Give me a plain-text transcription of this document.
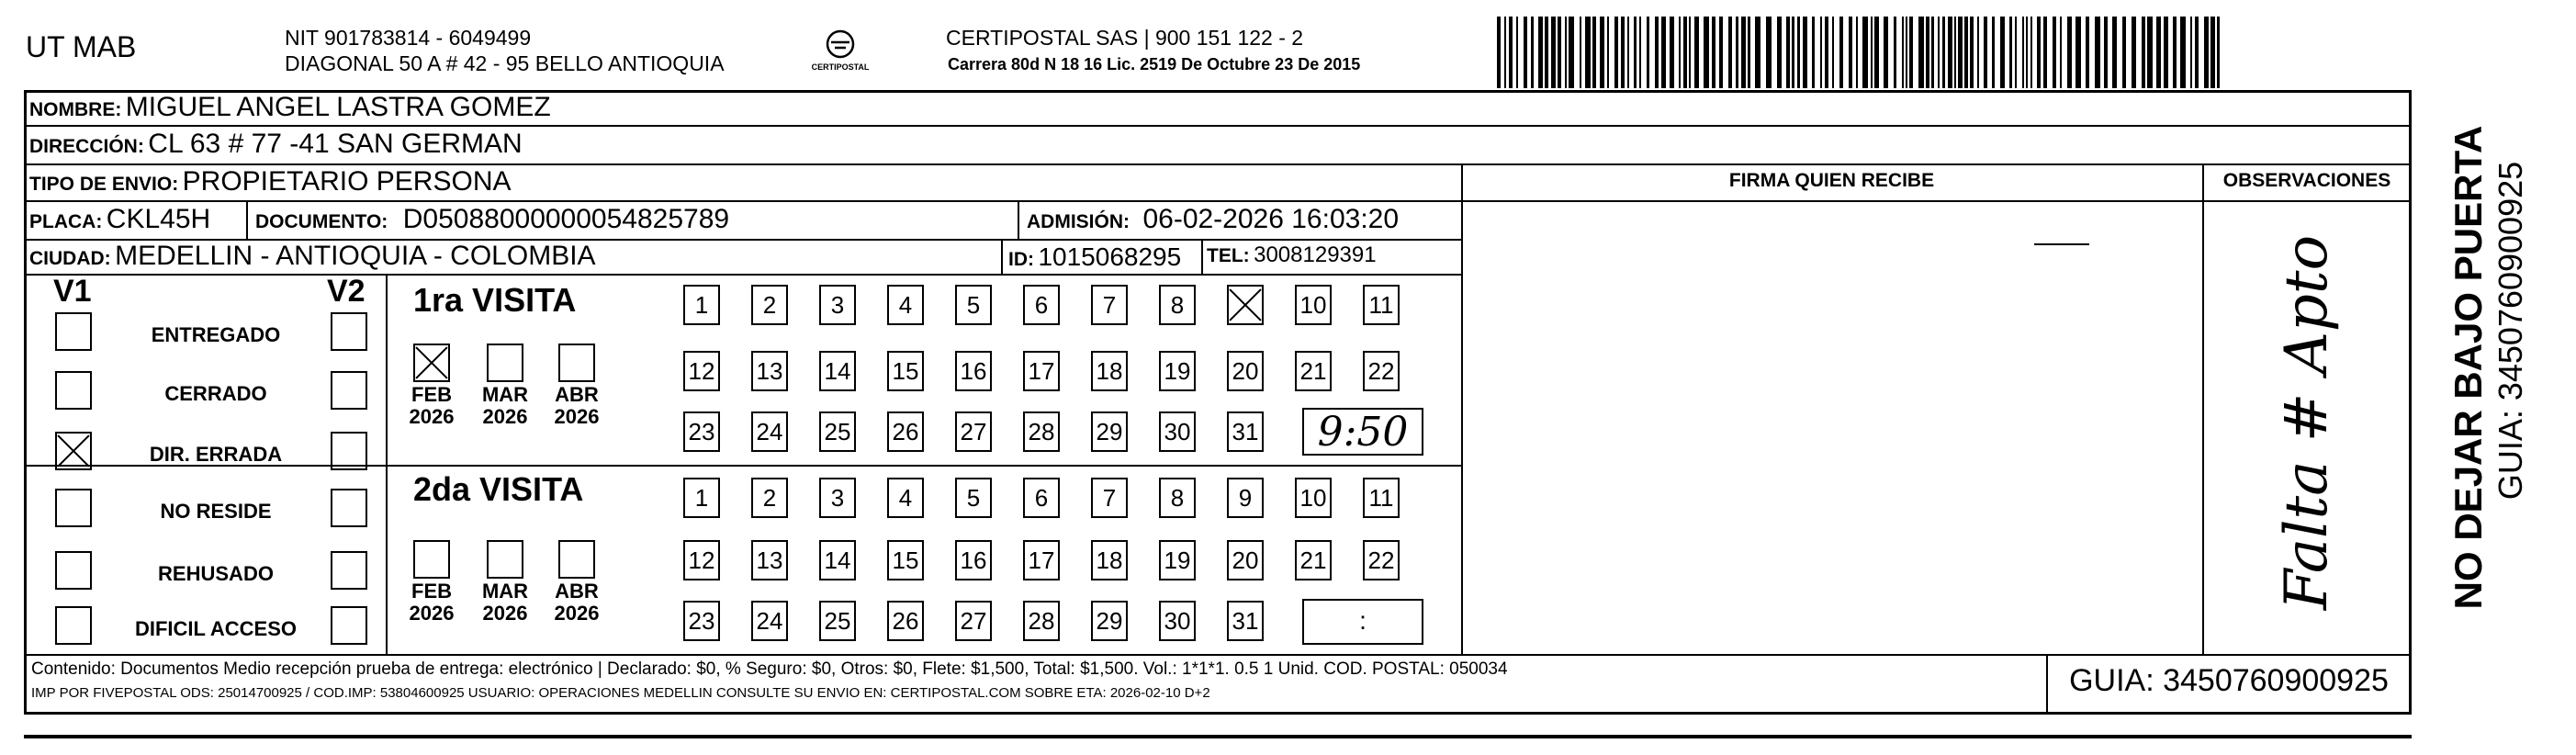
UT MAB	NIT 901783814 - 6049499
DIAGONAL 50 A # 42 - 95 BELLO ANTIOQUIA	CERTIPOSTAL
CERTIPOSTAL SAS | 900 151 122 - 2
Carrera 80d N 18 16 Lic. 2519 De Octubre 23 De 2015
NOMBRE: MIGUEL ANGEL LASTRA GOMEZ
DIRECCIÓN: CL 63 # 77 -41 SAN GERMAN
TIPO DE ENVIO: PROPIETARIO PERSONA
PLACA: CKL45H DOCUMENTO: D05088000000054825789	ADMISIÓN: 06-02-2026 16:03:20
CIUDAD: MEDELLIN - ANTIOQUIA - COLOMBIA	ID: 1015068295 TEL: 3008129391
FIRMA QUIEN RECIBE	OBSERVACIONES
Falta # Apto
V1	V2
ENTREGADO
CERRADO
DIR. ERRADA
NO RESIDE
REHUSADO
DIFICIL ACCESO
1ra VISITA
FEB
2026
MAR
2026
ABR
2026
1	2	3	4	5	6	7	8	10 11
12 13 14 15 16 17 18 19 20 21 22
23 24 25 26 27 28 29 30 31	9:50
2da VISITA
FEB
2026
MAR
2026
ABR
2026
1	2	3	4	5	6	7	8	9	10 11
12 13 14 15 16 17 18 19 20 21 22
23 24 25 26 27 28 29 30 31	:
Contenido: Documentos Medio recepción prueba de entrega: electrónico | Declarado: $0, % Seguro: $0, Otros: $0, Flete: $1,500, Total: $1,500. Vol.: 1*1*1. 0.5 1 Unid. COD. POSTAL: 050034
IMP POR FIVEPOSTAL ODS: 25014700925 / COD.IMP: 53804600925 USUARIO: OPERACIONES MEDELLIN CONSULTE SU ENVIO EN: CERTIPOSTAL.COM SOBRE ETA: 2026-02-10 D+2	GUIA: 3450760900925
NO DEJAR BAJO PUERTA GUIA: 3450760900925
